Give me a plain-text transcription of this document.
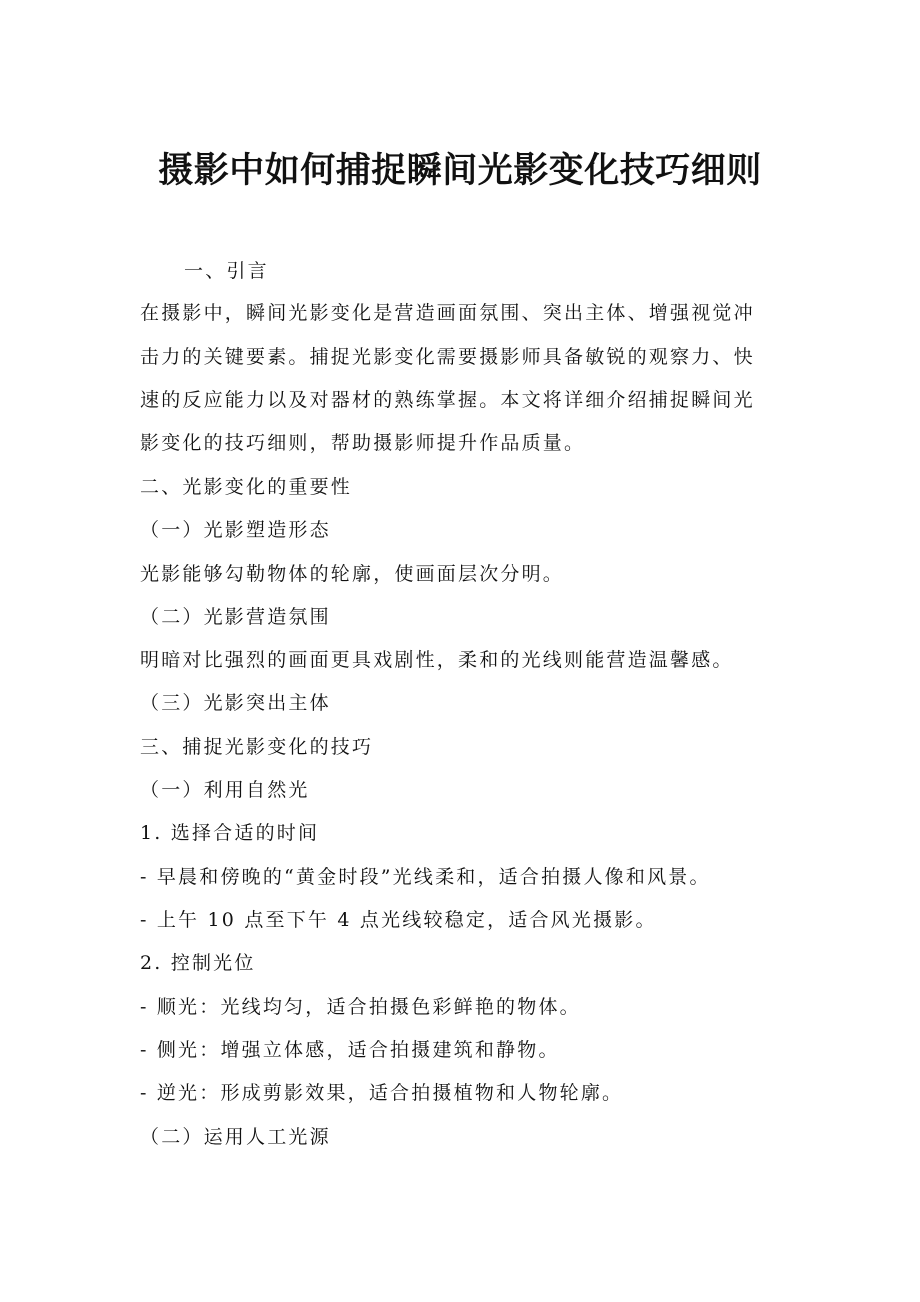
摄影中如何捕捉瞬间光影变化技巧细则
一、引言
在摄影中，瞬间光影变化是营造画面氛围、突出主体、增强视觉冲
击力的关键要素。捕捉光影变化需要摄影师具备敏锐的观察力、快
速的反应能力以及对器材的熟练掌握。本文将详细介绍捕捉瞬间光
影变化的技巧细则，帮助摄影师提升作品质量。
二、光影变化的重要性
（一）光影塑造形态
光影能够勾勒物体的轮廓，使画面层次分明。
（二）光影营造氛围
明暗对比强烈的画面更具戏剧性，柔和的光线则能营造温馨感。
（三）光影突出主体
三、捕捉光影变化的技巧
（一）利用自然光
1. 选择合适的时间
- 早晨和傍晚的“黄金时段”光线柔和，适合拍摄人像和风景。
- 上午 10 点至下午 4 点光线较稳定，适合风光摄影。
2. 控制光位
- 顺光：光线均匀，适合拍摄色彩鲜艳的物体。
- 侧光：增强立体感，适合拍摄建筑和静物。
- 逆光：形成剪影效果，适合拍摄植物和人物轮廓。
（二）运用人工光源
